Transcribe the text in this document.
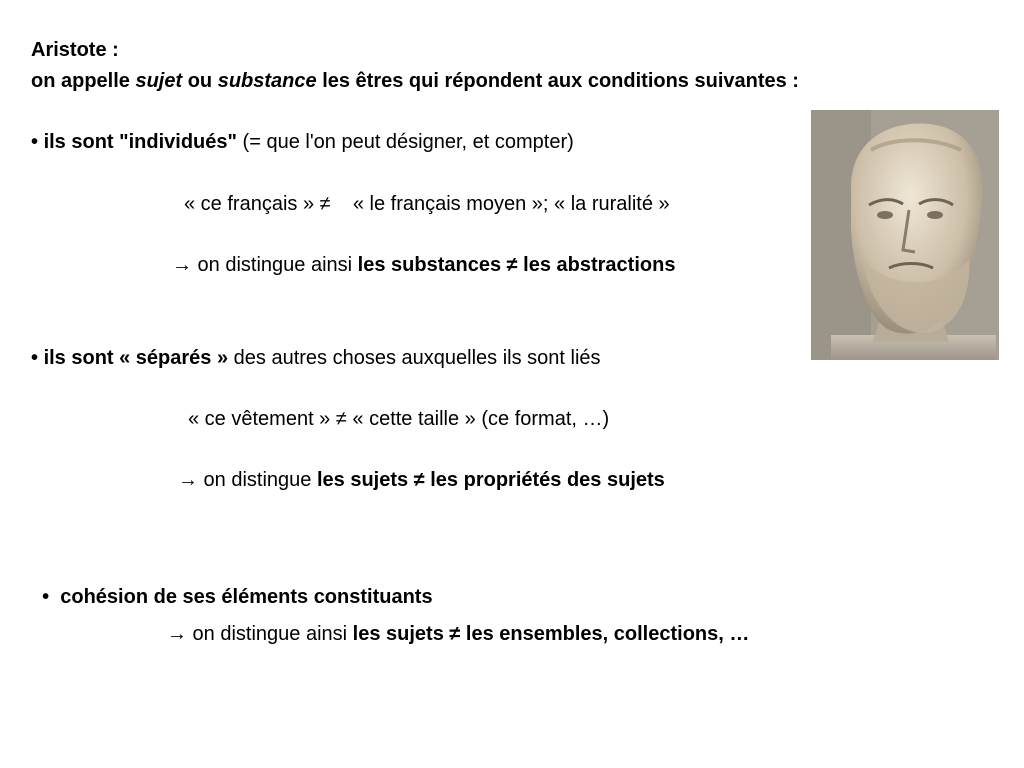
Aristote :
on appelle sujet ou substance les êtres qui répondent aux conditions suivantes :
• ils sont "individués" (= que l'on peut désigner, et compter)
« ce français » ≠    « le français moyen »; « la ruralité »
→ on distingue ainsi les substances ≠ les abstractions
• ils sont « séparés » des autres choses auxquelles ils sont liés
« ce vêtement » ≠ « cette taille » (ce format, …)
→ on distingue les sujets ≠ les propriétés des sujets

•  cohésion de ses éléments constituants

→ on distingue ainsi les sujets ≠ les ensembles, collections, …
